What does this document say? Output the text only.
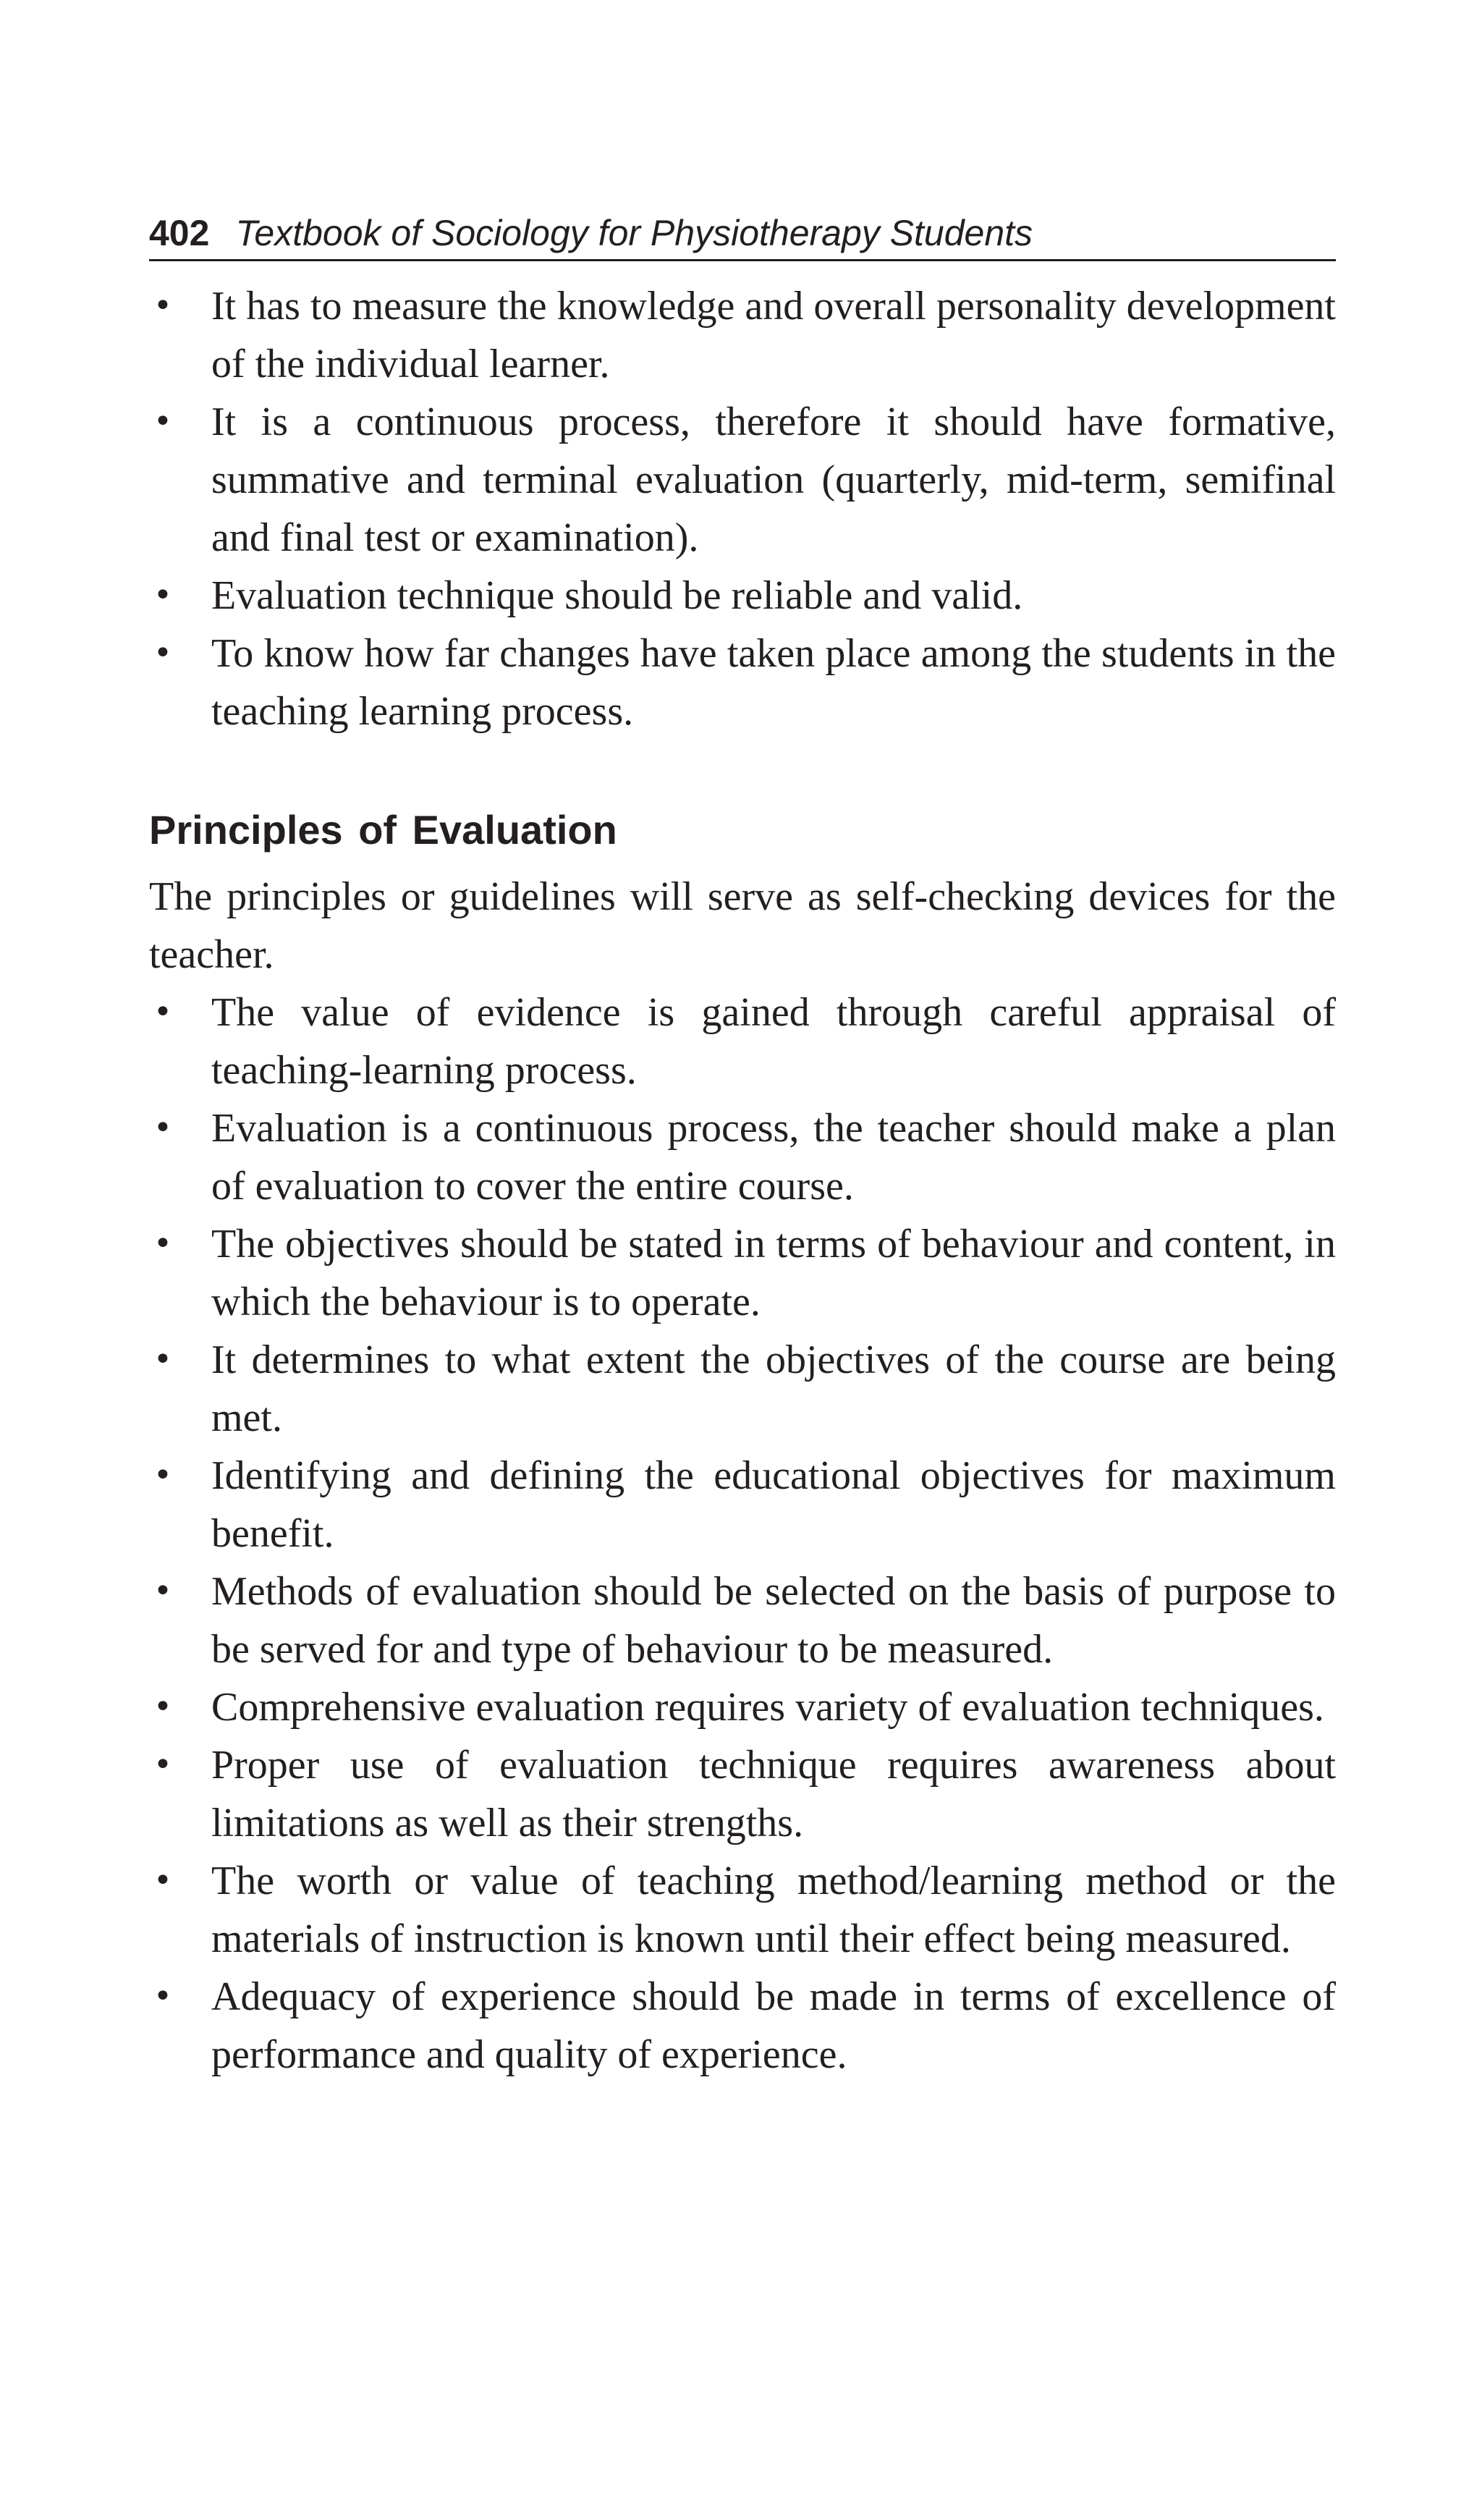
402 Textbook of Sociology for Physiotherapy Students
• It has to measure the knowledge and overall personality development of the individual learner.
• It is a continuous process, therefore it should have formative, summative and terminal evaluation (quarterly, mid-term, semifinal and final test or examination).
• Evaluation technique should be reliable and valid.
• To know how far changes have taken place among the students in the teaching learning process.
Principles of Evaluation

The principles or guidelines will serve as self-checking devices for the teacher.

• The value of evidence is gained through careful appraisal of teaching-learning process.
• Evaluation is a continuous process, the teacher should make a plan of evaluation to cover the entire course.
• The objectives should be stated in terms of behaviour and content, in which the behaviour is to operate.
• It determines to what extent the objectives of the course are being met.
• Identifying and defining the educational objectives for maximum benefit.
• Methods of evaluation should be selected on the basis of purpose to be served for and type of behaviour to be measured.
• Comprehensive evaluation requires variety of evaluation techniques.
• Proper use of evaluation technique requires awareness about limitations as well as their strengths.
• The worth or value of teaching method/learning method or the materials of instruction is known until their effect being measured.
• Adequacy of experience should be made in terms of excellence of performance and quality of experience.
